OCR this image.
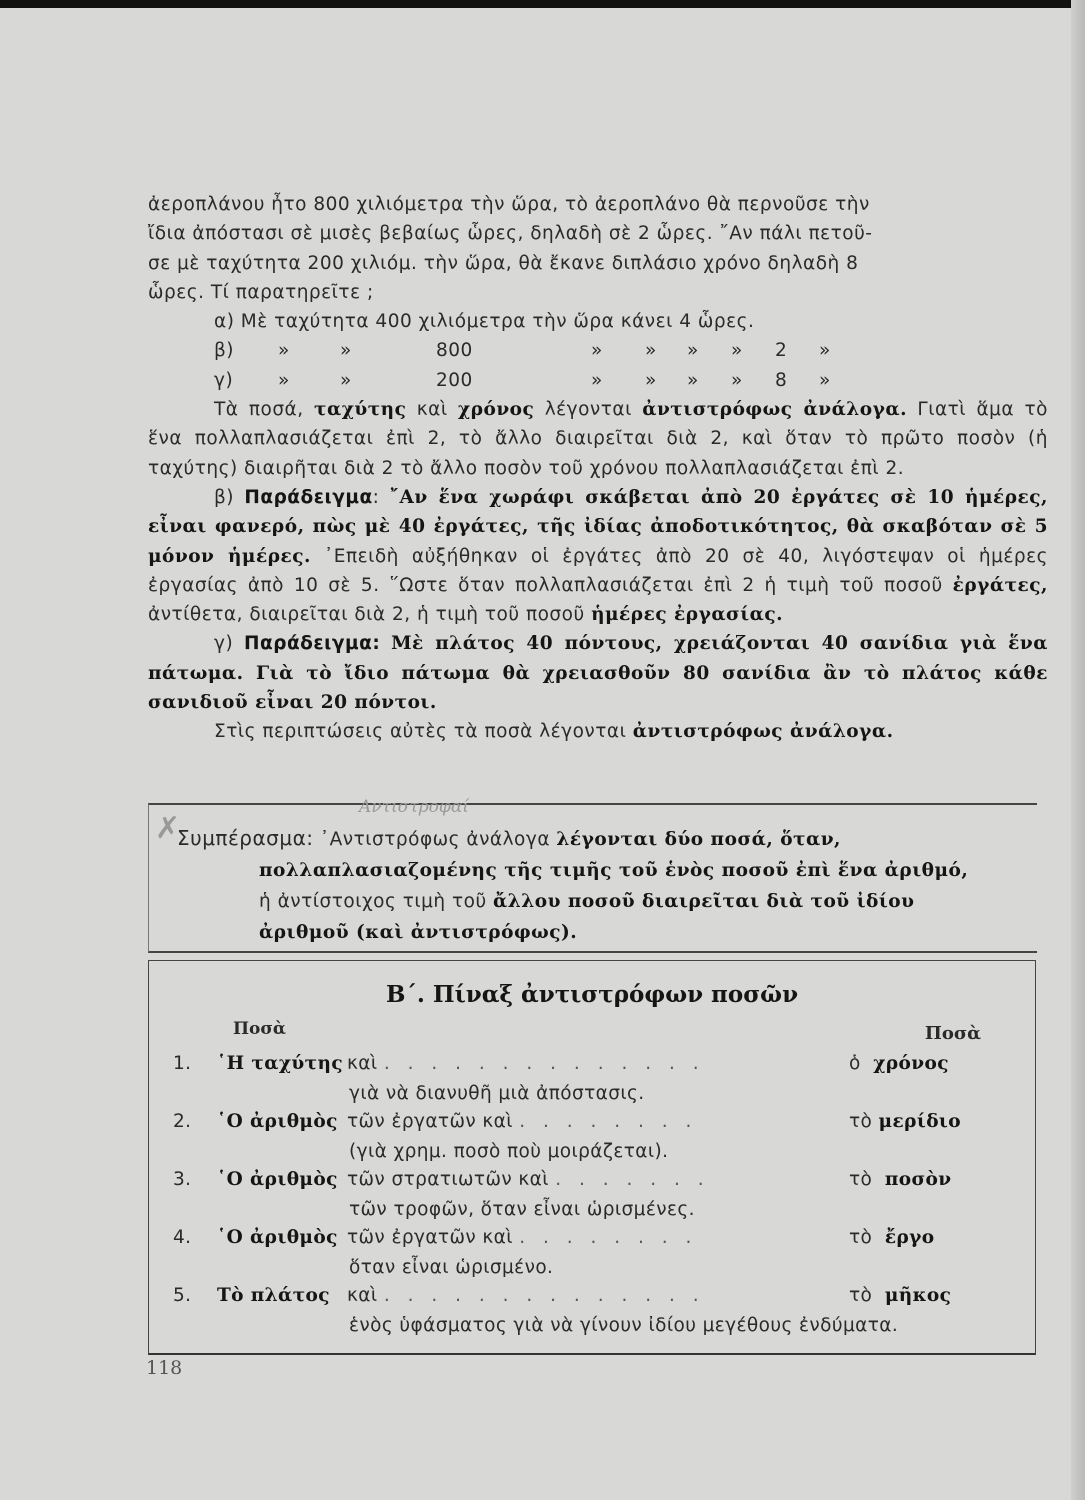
ἀεροπλάνου ἦτο 800 χιλιόμετρα τὴν ὥρα, τὸ ἀεροπλάνο θὰ περνοῦσε τὴν
ἴδια ἀπόστασι σὲ μισὲς βεβαίως ὧρες, δηλαδὴ σὲ 2 ὧρες. ῎Αν πάλι πετοῦ-
σε μὲ ταχύτητα 200 χιλιόμ. τὴν ὥρα, θὰ ἔκανε διπλάσιο χρόνο δηλαδὴ 8
ὧρες. Τί παρατηρεῖτε ;

α) Μὲ ταχύτητα 400 χιλιόμετρα τὴν ὥρα κάνει 4 ὧρες.
β) »	»	800	» » » » 2 »
γ) »	»	200	» » » » 8 »

Τὰ ποσά, ταχύτης καὶ χρόνος λέγονται ἀντιστρόφως ἀνάλογα. Γιατὶ ἅμα τὸ ἕνα πολλαπλασιάζεται ἐπὶ 2, τὸ ἄλλο διαιρεῖται διὰ 2, καὶ ὅταν τὸ πρῶτο ποσὸν (ἡ ταχύτης) διαιρῆται διὰ 2 τὸ ἄλλο ποσὸν τοῦ χρόνου πολλαπλασιάζεται ἐπὶ 2.

β) Παράδειγμα: ῎Αν ἕνα χωράφι σκάβεται ἀπὸ 20 ἐργάτες σὲ 10 ἡμέρες, εἶναι φανερό, πὼς μὲ 40 ἐργάτες, τῆς ἰδίας ἀποδοτικότητος, θὰ σκαβόταν σὲ 5 μόνον ἡμέρες. ᾽Επειδὴ αὐξήθηκαν οἱ ἐργάτες ἀπὸ 20 σὲ 40, λιγόστεψαν οἱ ἡμέρες ἐργασίας ἀπὸ 10 σὲ 5. ῞Ωστε ὅταν πολλαπλασιάζεται ἐπὶ 2 ἡ τιμὴ τοῦ ποσοῦ ἐργάτες, ἀντίθετα, διαιρεῖται διὰ 2, ἡ τιμὴ τοῦ ποσοῦ ἡμέρες ἐργασίας.

γ) Παράδειγμα: Μὲ πλάτος 40 πόντους, χρειάζονται 40 σανίδια γιὰ ἕνα πάτωμα. Γιὰ τὸ ἴδιο πάτωμα θὰ χρειασθοῦν 80 σανίδια ἂν τὸ πλάτος κάθε σανιδιοῦ εἶναι 20 πόντοι.

Στὶς περιπτώσεις αὐτὲς τὰ ποσὰ λέγονται ἀντιστρόφως ἀνάλογα.

Αντιστροφαί
✗
Συμπέρασμα: ᾽Αντιστρόφως ἀνάλογα λέγονται δύο ποσά, ὅταν,
πολλαπλασιαζομένης τῆς τιμῆς τοῦ ἑνὸς ποσοῦ ἐπὶ ἕνα ἀριθμό,
ἡ ἀντίστοιχος τιμὴ τοῦ ἄλλου ποσοῦ διαιρεῖται διὰ τοῦ ἰδίου
ἀριθμοῦ (καὶ ἀντιστρόφως).
Β΄. Πίναξ ἀντιστρόφων ποσῶν
Ποσὰ	Ποσὰ
1. ῾Η ταχύτης καὶ . . . . . . . . . . . . . .	ὁ χρόνος
γιὰ νὰ διανυθῆ μιὰ ἀπόστασις.
2. ῾Ο ἀριθμὸς τῶν ἐργατῶν καὶ . . . . . . . .	τὸ μερίδιο
(γιὰ χρημ. ποσὸ ποὺ μοιράζεται).
3. ῾Ο ἀριθμὸς τῶν στρατιωτῶν καὶ . . . . . . .	τὸ ποσὸν
τῶν τροφῶν, ὅταν εἶναι ὡρισμένες.
4. ῾Ο ἀριθμὸς τῶν ἐργατῶν καὶ . . . . . . . .	τὸ ἔργο
ὅταν εἶναι ὡρισμένο.
5. Τὸ πλάτος καὶ . . . . . . . . . . . . . .	τὸ μῆκος
ἑνὸς ὑφάσματος γιὰ νὰ γίνουν ἰδίου μεγέθους ἐνδύματα.
118
